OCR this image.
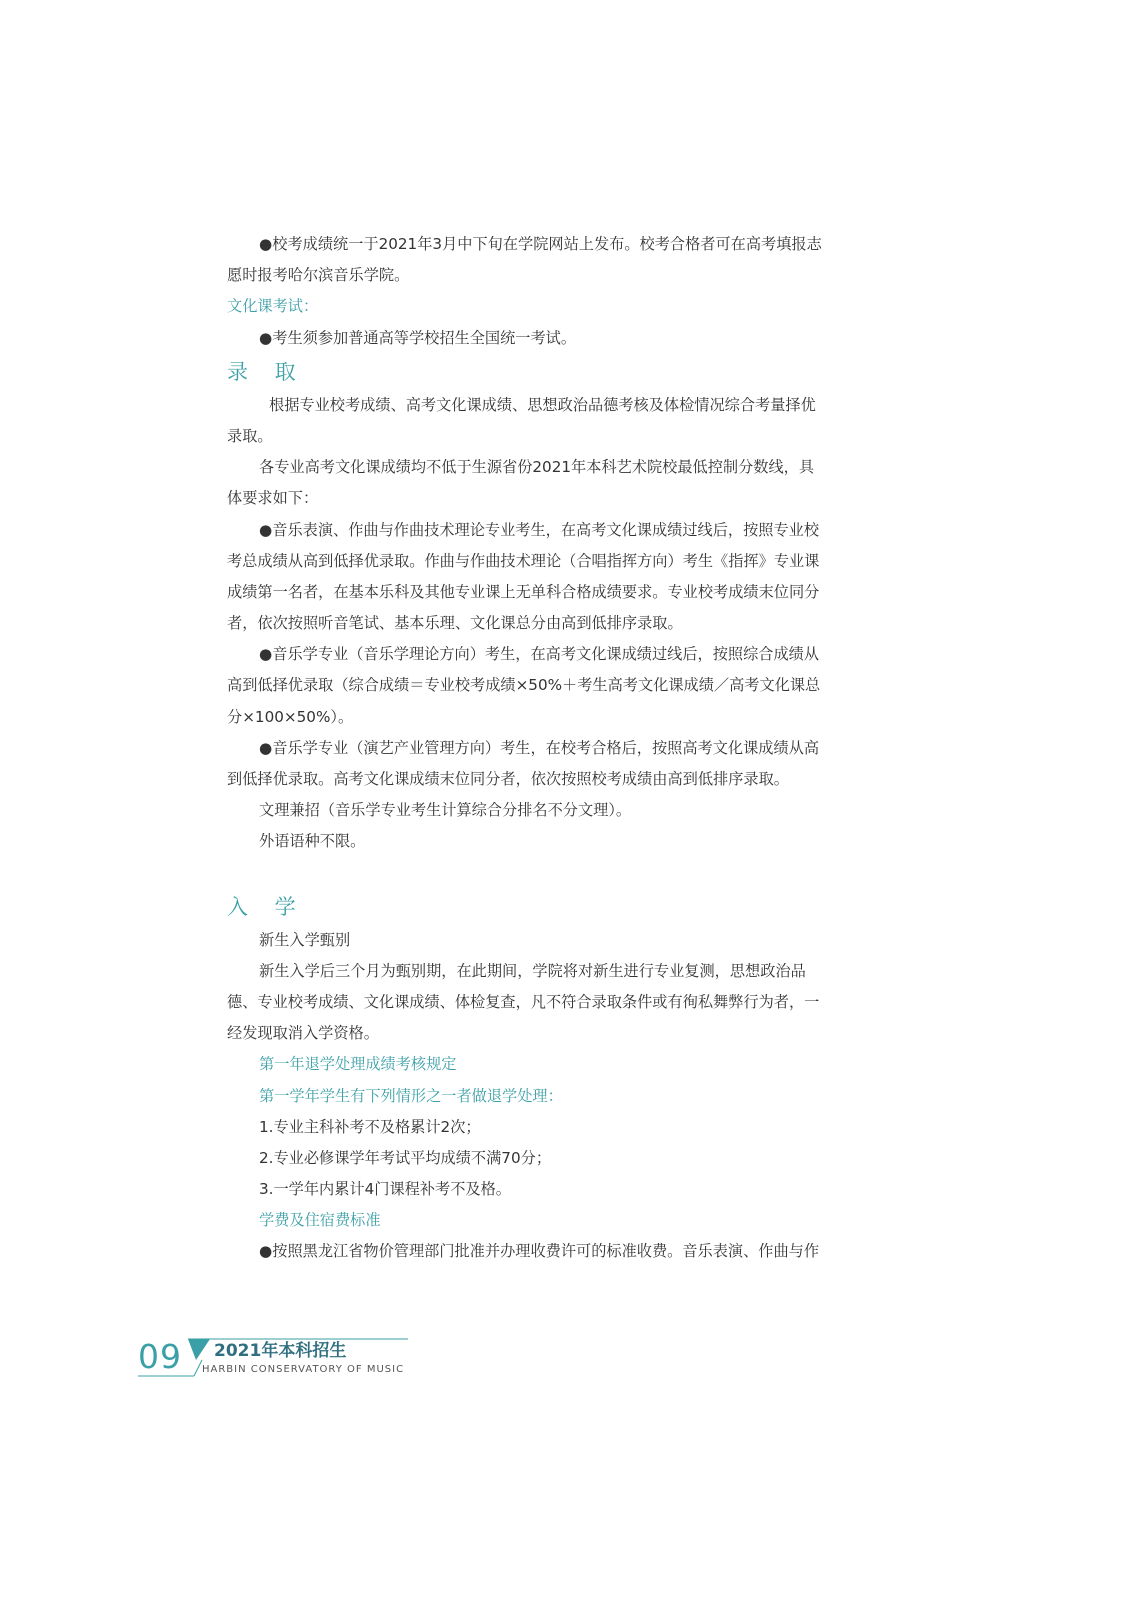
●校考成绩统一于2021年3月中下旬在学院网站上发布。校考合格者可在高考填报志

愿时报考哈尔滨音乐学院。

文化课考试：

●考生须参加普通高等学校招生全国统一考试。

录 取

根据专业校考成绩、高考文化课成绩、思想政治品德考核及体检情况综合考量择优

录取。

各专业高考文化课成绩均不低于生源省份2021年本科艺术院校最低控制分数线，具

体要求如下：

●音乐表演、作曲与作曲技术理论专业考生，在高考文化课成绩过线后，按照专业校

考总成绩从高到低择优录取。作曲与作曲技术理论（合唱指挥方向）考生《指挥》专业课

成绩第一名者，在基本乐科及其他专业课上无单科合格成绩要求。专业校考成绩末位同分

者，依次按照听音笔试、基本乐理、文化课总分由高到低排序录取。

●音乐学专业（音乐学理论方向）考生，在高考文化课成绩过线后，按照综合成绩从

高到低择优录取（综合成绩＝专业校考成绩×50%＋考生高考文化课成绩／高考文化课总

分×100×50%）。

●音乐学专业（演艺产业管理方向）考生，在校考合格后，按照高考文化课成绩从高

到低择优录取。高考文化课成绩末位同分者，依次按照校考成绩由高到低排序录取。

文理兼招（音乐学专业考生计算综合分排名不分文理）。

外语语种不限。

入 学

新生入学甄别

新生入学后三个月为甄别期，在此期间，学院将对新生进行专业复测，思想政治品

德、专业校考成绩、文化课成绩、体检复查，凡不符合录取条件或有徇私舞弊行为者，一

经发现取消入学资格。

第一年退学处理成绩考核规定

第一学年学生有下列情形之一者做退学处理：

1.专业主科补考不及格累计2次；

2.专业必修课学年考试平均成绩不满70分；

3.一学年内累计4门课程补考不及格。

学费及住宿费标准

●按照黑龙江省物价管理部门批准并办理收费许可的标准收费。音乐表演、作曲与作

09 2021年本科招生
HARBIN CONSERVATORY OF MUSIC
